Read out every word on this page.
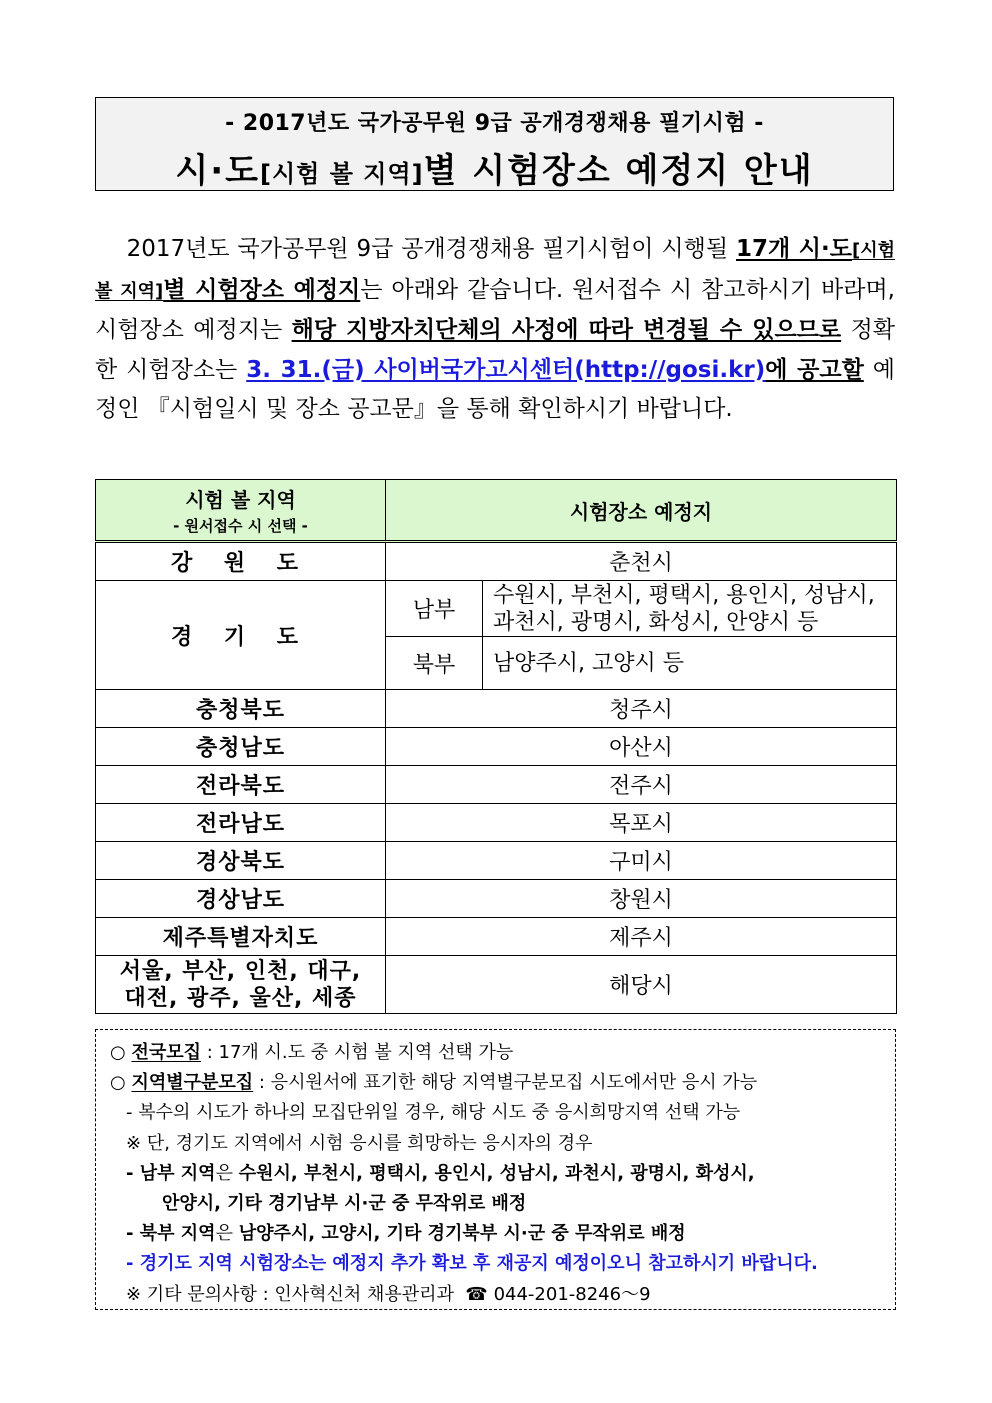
- 2017년도 국가공무원 9급 공개경쟁채용 필기시험 -
시·도[시험 볼 지역]별 시험장소 예정지 안내
2017년도 국가공무원 9급 공개경쟁채용 필기시험이 시행될 17개 시·도[시험 볼 지역]별 시험장소 예정지는 아래와 같습니다. 원서접수 시 참고하시기 바라며, 시험장소 예정지는 해당 지방자치단체의 사정에 따라 변경될 수 있으므로 정확한 시험장소는 3. 31.(금) 사이버국가고시센터(http://gosi.kr)에 공고할 예정인 『시험일시 및 장소 공고문』을 통해 확인하시기 바랍니다.
시험 볼 지역
- 원서접수 시 선택 -	시험장소 예정지	
강 원 도	춘천시	
경 기 도	남부	수원시, 부천시, 평택시, 용인시, 성남시, 과천시, 광명시, 화성시, 안양시 등
	북부	남양주시, 고양시 등
충청북도	청주시	
충청남도	아산시	
전라북도	전주시	
전라남도	목포시	
경상북도	구미시	
경상남도	창원시	
제주특별자치도	제주시	
서울, 부산, 인천, 대구,
대전, 광주, 울산, 세종	해당시	
○ 전국모집 : 17개 시.도 중 시험 볼 지역 선택 가능
○ 지역별구분모집 : 응시원서에 표기한 해당 지역별구분모집 시도에서만 응시 가능
- 복수의 시도가 하나의 모집단위일 경우, 해당 시도 중 응시희망지역 선택 가능
※ 단, 경기도 지역에서 시험 응시를 희망하는 응시자의 경우
- 남부 지역은 수원시, 부천시, 평택시, 용인시, 성남시, 과천시, 광명시, 화성시,
안양시, 기타 경기남부 시·군 중 무작위로 배정
- 북부 지역은 남양주시, 고양시, 기타 경기북부 시·군 중 무작위로 배정
- 경기도 지역 시험장소는 예정지 추가 확보 후 재공지 예정이오니 참고하시기 바랍니다.
※ 기타 문의사항 : 인사혁신처 채용관리과 ☎ 044-201-8246～9
